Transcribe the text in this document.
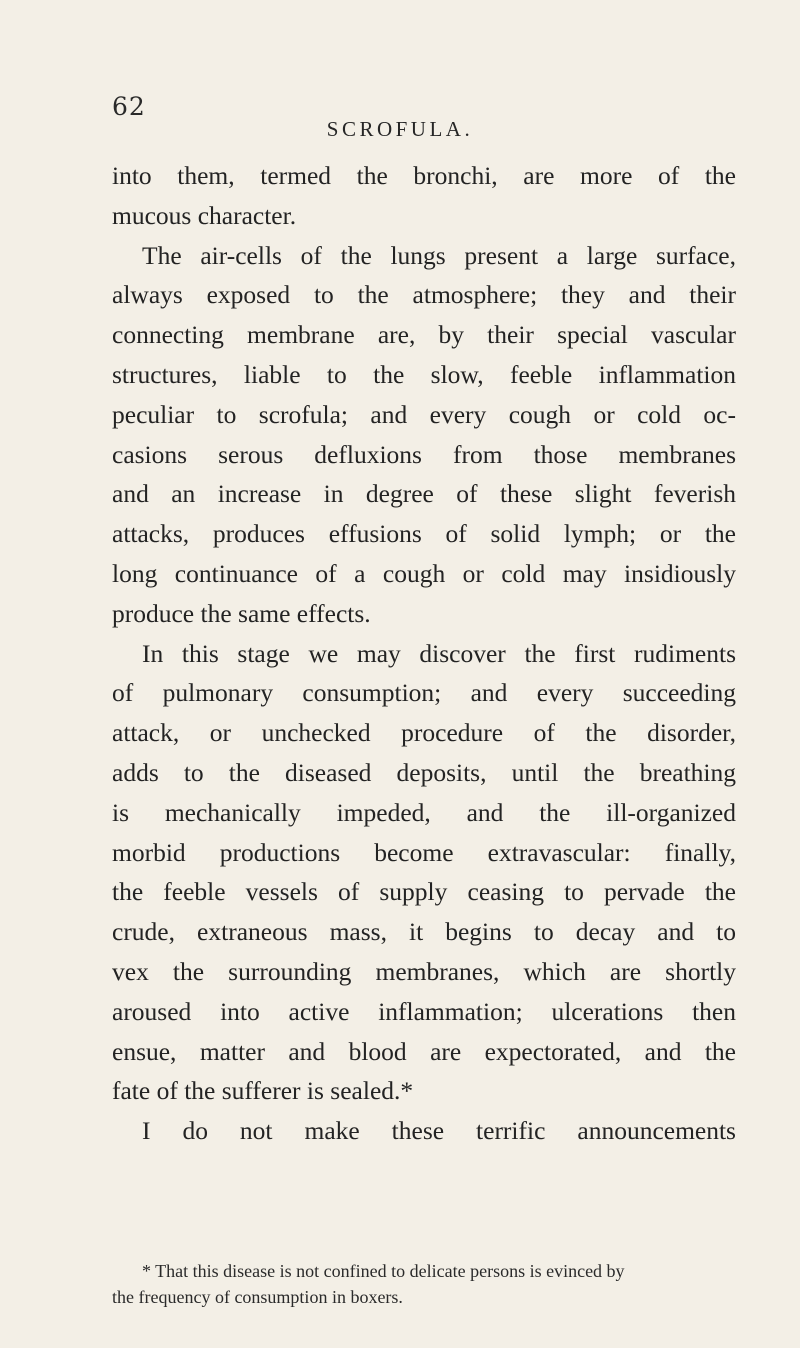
62
SCROFULA.
into them, termed the bronchi, are more of the
mucous character.
The air-cells of the lungs present a large surface,
always exposed to the atmosphere; they and their
connecting membrane are, by their special vascular
structures, liable to the slow, feeble inflammation
peculiar to scrofula; and every cough or cold oc-
casions serous defluxions from those membranes
and an increase in degree of these slight feverish
attacks, produces effusions of solid lymph; or the
long continuance of a cough or cold may insidiously
produce the same effects.
In this stage we may discover the first rudiments
of pulmonary consumption; and every succeeding
attack, or unchecked procedure of the disorder,
adds to the diseased deposits, until the breathing
is mechanically impeded, and the ill-organized
morbid productions become extravascular: finally,
the feeble vessels of supply ceasing to pervade the
crude, extraneous mass, it begins to decay and to
vex the surrounding membranes, which are shortly
aroused into active inflammation; ulcerations then
ensue, matter and blood are expectorated, and the
fate of the sufferer is sealed.*
I do not make these terrific announcements
* That this disease is not confined to delicate persons is evinced by
the frequency of consumption in boxers.
